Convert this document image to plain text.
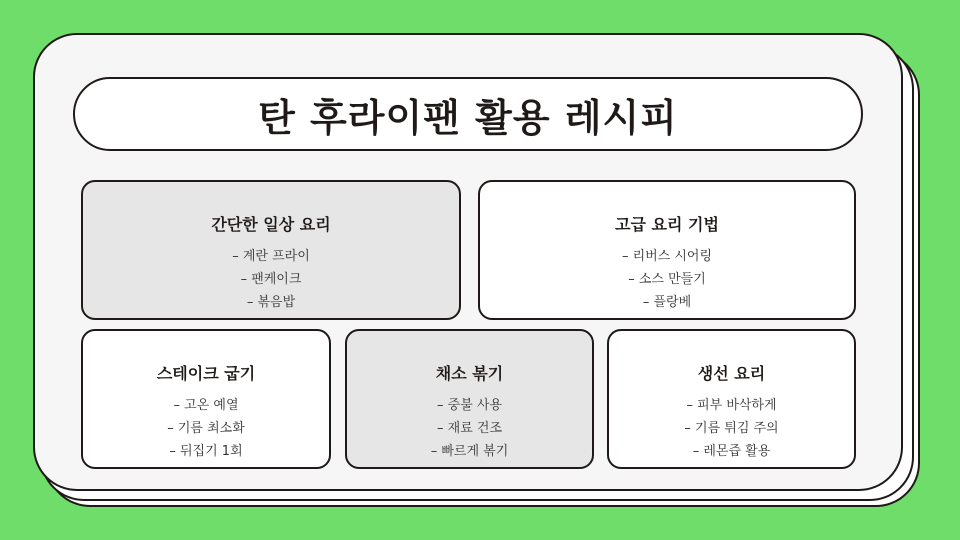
탄 후라이팬 활용 레시피
간단한 일상 요리
– 계란 프라이
– 팬케이크
– 볶음밥
고급 요리 기법
– 리버스 시어링
– 소스 만들기
– 플랑베
스테이크 굽기
– 고온 예열
– 기름 최소화
– 뒤집기 1회
채소 볶기
– 중불 사용
– 재료 건조
– 빠르게 볶기
생선 요리
– 피부 바삭하게
– 기름 튀김 주의
– 레몬즙 활용
